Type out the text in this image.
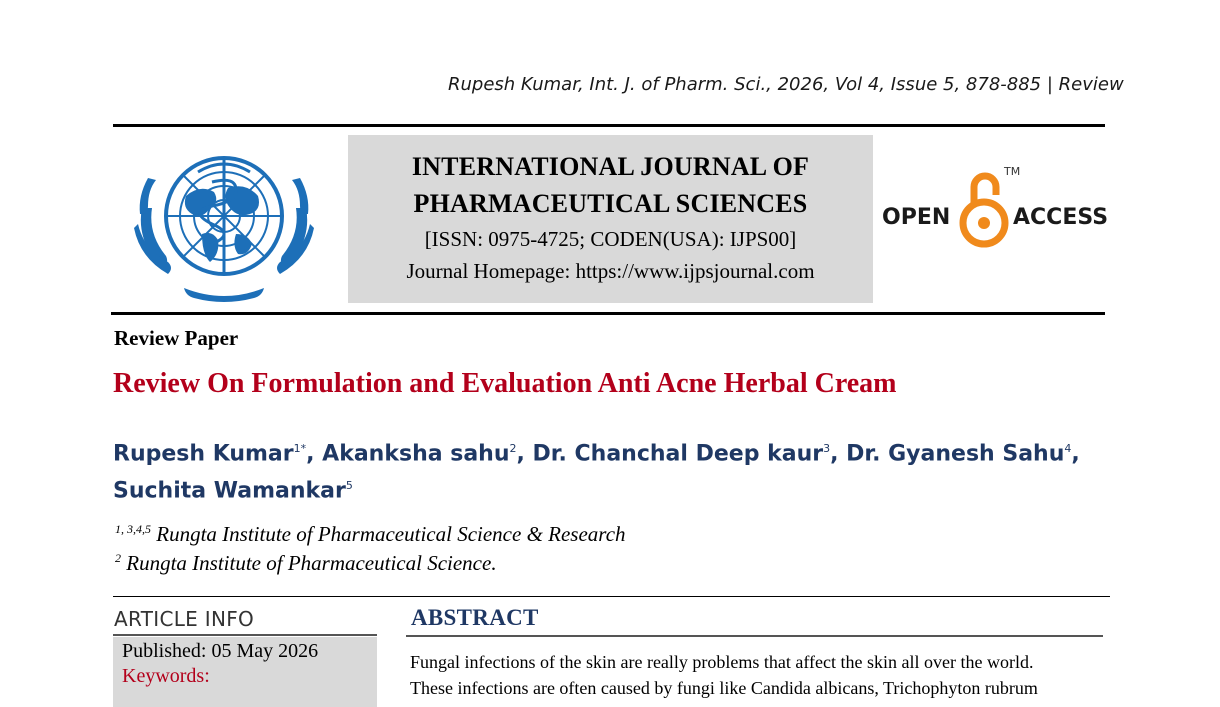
Rupesh Kumar, Int. J. of Pharm. Sci., 2026, Vol 4, Issue 5, 878-885 | Review
INTERNATIONAL JOURNAL OF
PHARMACEUTICAL SCIENCES
[ISSN: 0975-4725; CODEN(USA): IJPS00]
Journal Homepage: https://www.ijpsjournal.com
OPEN
TM
ACCESS
Review Paper
Review On Formulation and Evaluation Anti Acne Herbal Cream
Rupesh Kumar$^{1*}$, Akanksha sahu$^2$, Dr. Chanchal Deep kaur$^3$, Dr. Gyanesh Sahu$^4$,
Suchita Wamankar$^5$
$^{1, 3,4,5}$ Rungta Institute of Pharmaceutical Science & Research
$^2$ Rungta Institute of Pharmaceutical Science.
ARTICLE INFO
Published: 05 May 2026
Keywords:
ABSTRACT
Fungal infections of the skin are really problems that affect the skin all over the world.
These infections are often caused by fungi like Candida albicans, Trichophyton rubrum
